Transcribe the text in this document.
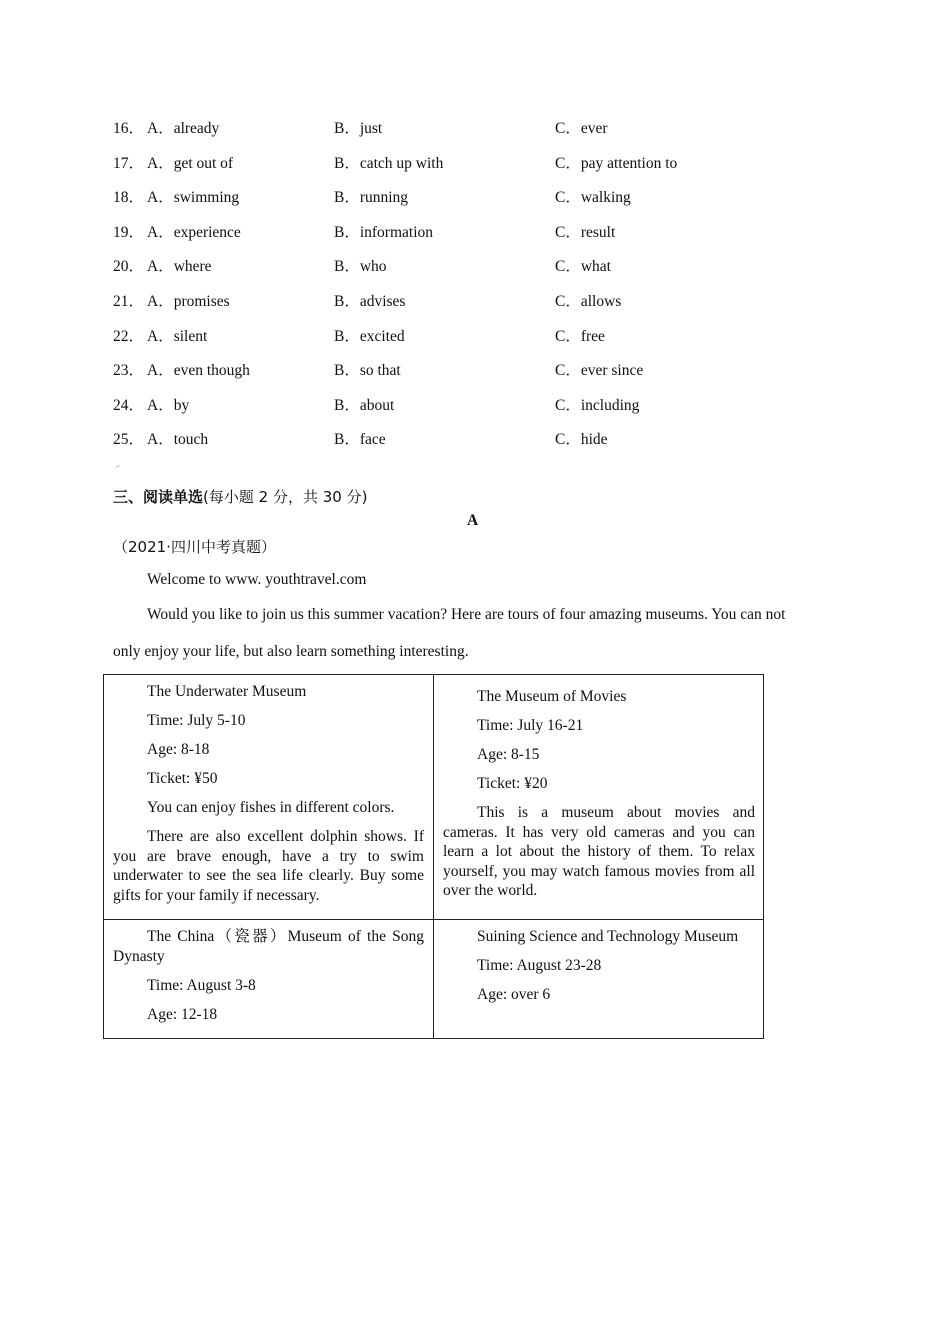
16． A．already	B．just	C．ever
17． A．get out of	B．catch up with	C．pay attention to
18． A．swimming	B．running	C．walking
19． A．experience	B．information	C．result
20． A．where	B．who	C．what
21． A．promises	B．advises	C．allows
22． A．silent	B．excited	C．free
23． A．even though	B．so that	C．ever since
24． A．by	B．about	C．including
25． A．touch	B．face	C．hide
↵
三、阅读单选(每小题 2 分，共 30 分)
A
（2021·四川中考真题）
Welcome to www. youthtravel.com
Would you like to join us this summer vacation? Here are tours of four amazing museums. You can not
only enjoy your life, but also learn something interesting.

The Underwater Museum

Time: July 5-10

Age: 8-18

Ticket: ¥50

You can enjoy fishes in different colors.

There are also excellent dolphin shows. If you are brave enough, have a try to swim underwater to see the sea life clearly. Buy some gifts for your family if necessary.

The Museum of Movies

Time: July 16-21

Age: 8-15

Ticket: ¥20

This is a museum about movies and cameras. It has very old cameras and you can learn a lot about the history of them. To relax yourself, you may watch famous movies from all over the world.

The China（瓷器）Museum of the Song Dynasty

Time: August 3-8

Age: 12-18

Suining Science and Technology Museum

Time: August 23-28

Age: over 6
